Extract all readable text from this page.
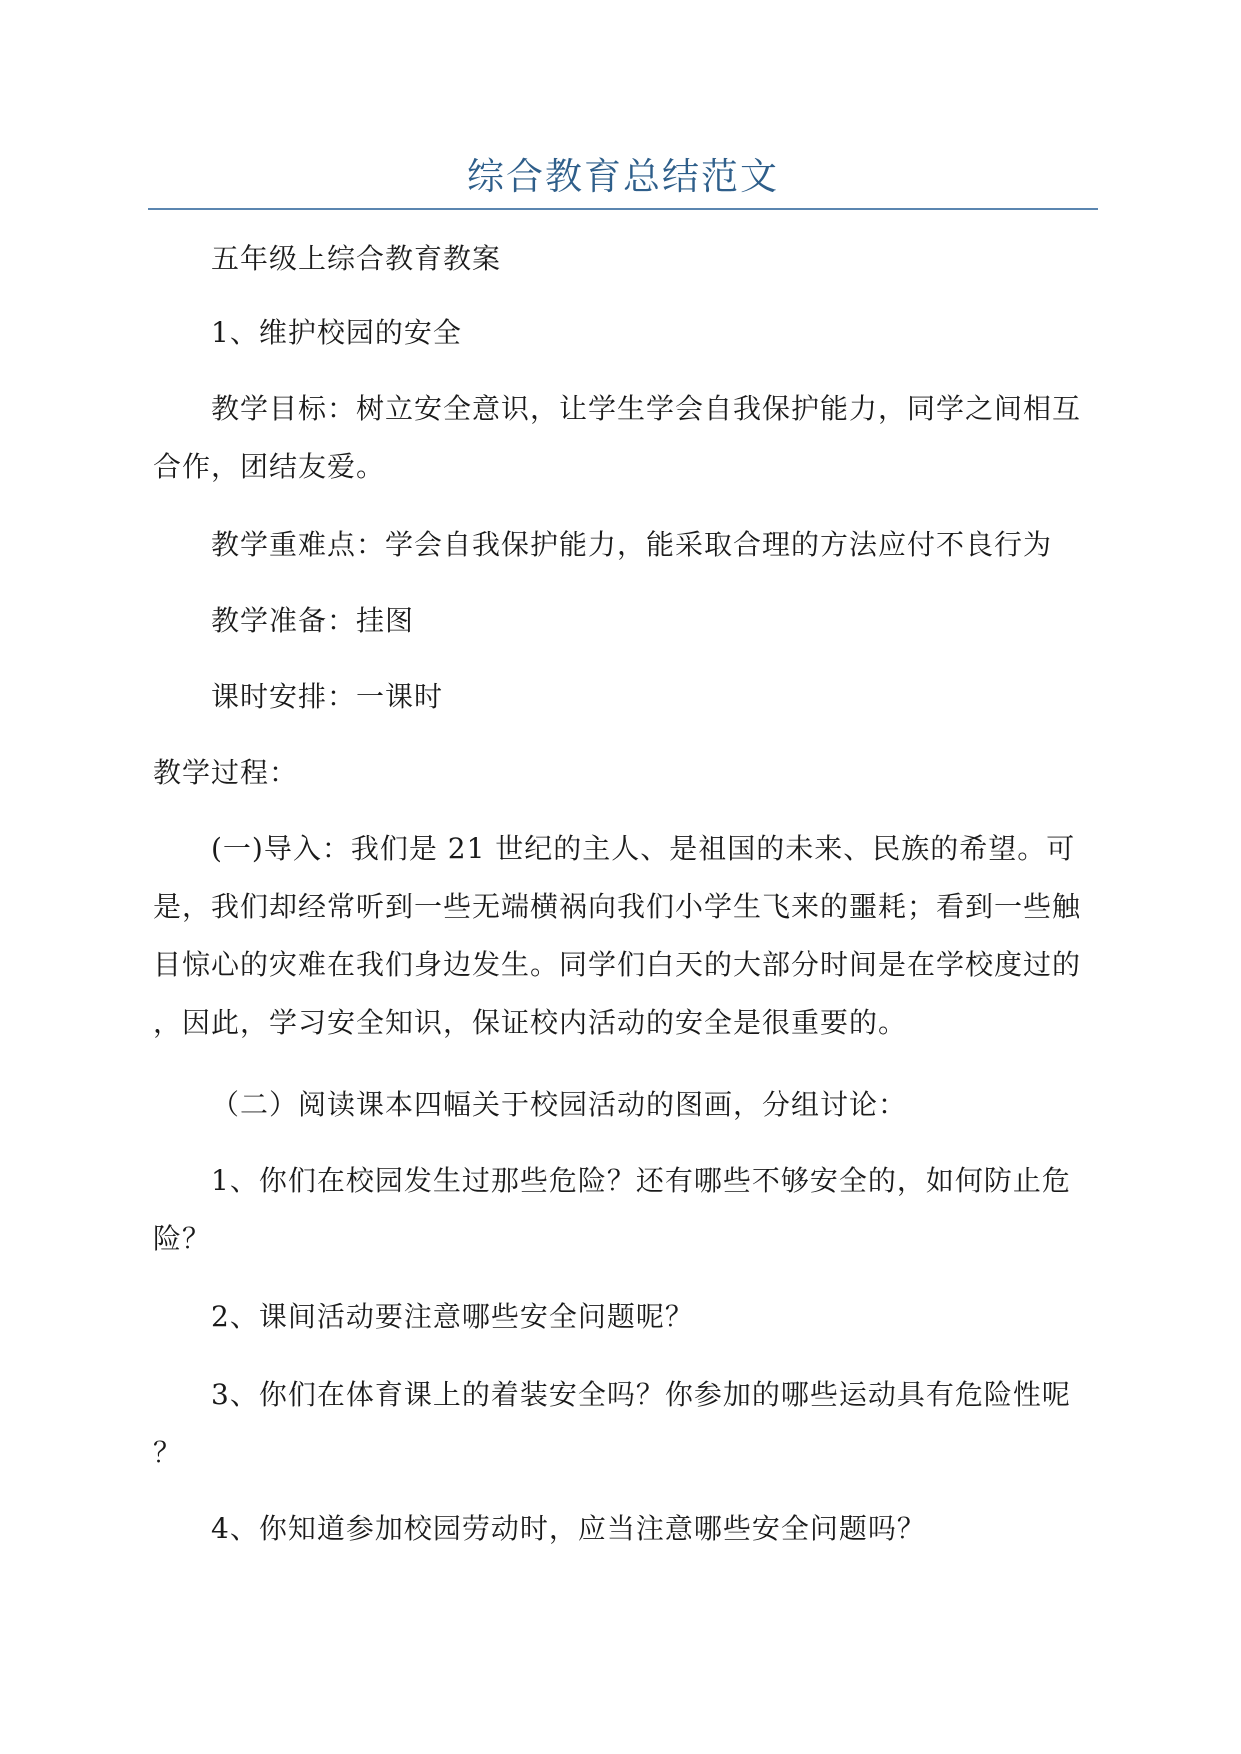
综合教育总结范文

五年级上综合教育教案

1、维护校园的安全

教学目标：树立安全意识，让学生学会自我保护能力，同学之间相互
合作，团结友爱。

教学重难点：学会自我保护能力，能采取合理的方法应付不良行为

教学准备：挂图

课时安排：一课时

教学过程：

(一)导入：我们是 21 世纪的主人、是祖国的未来、民族的希望。可
是，我们却经常听到一些无端横祸向我们小学生飞来的噩耗；看到一些触
目惊心的灾难在我们身边发生。同学们白天的大部分时间是在学校度过的
，因此，学习安全知识，保证校内活动的安全是很重要的。

（二）阅读课本四幅关于校园活动的图画，分组讨论：

1、你们在校园发生过那些危险？还有哪些不够安全的，如何防止危
险？

2、课间活动要注意哪些安全问题呢？

3、你们在体育课上的着装安全吗？你参加的哪些运动具有危险性呢
？

4、你知道参加校园劳动时，应当注意哪些安全问题吗？
